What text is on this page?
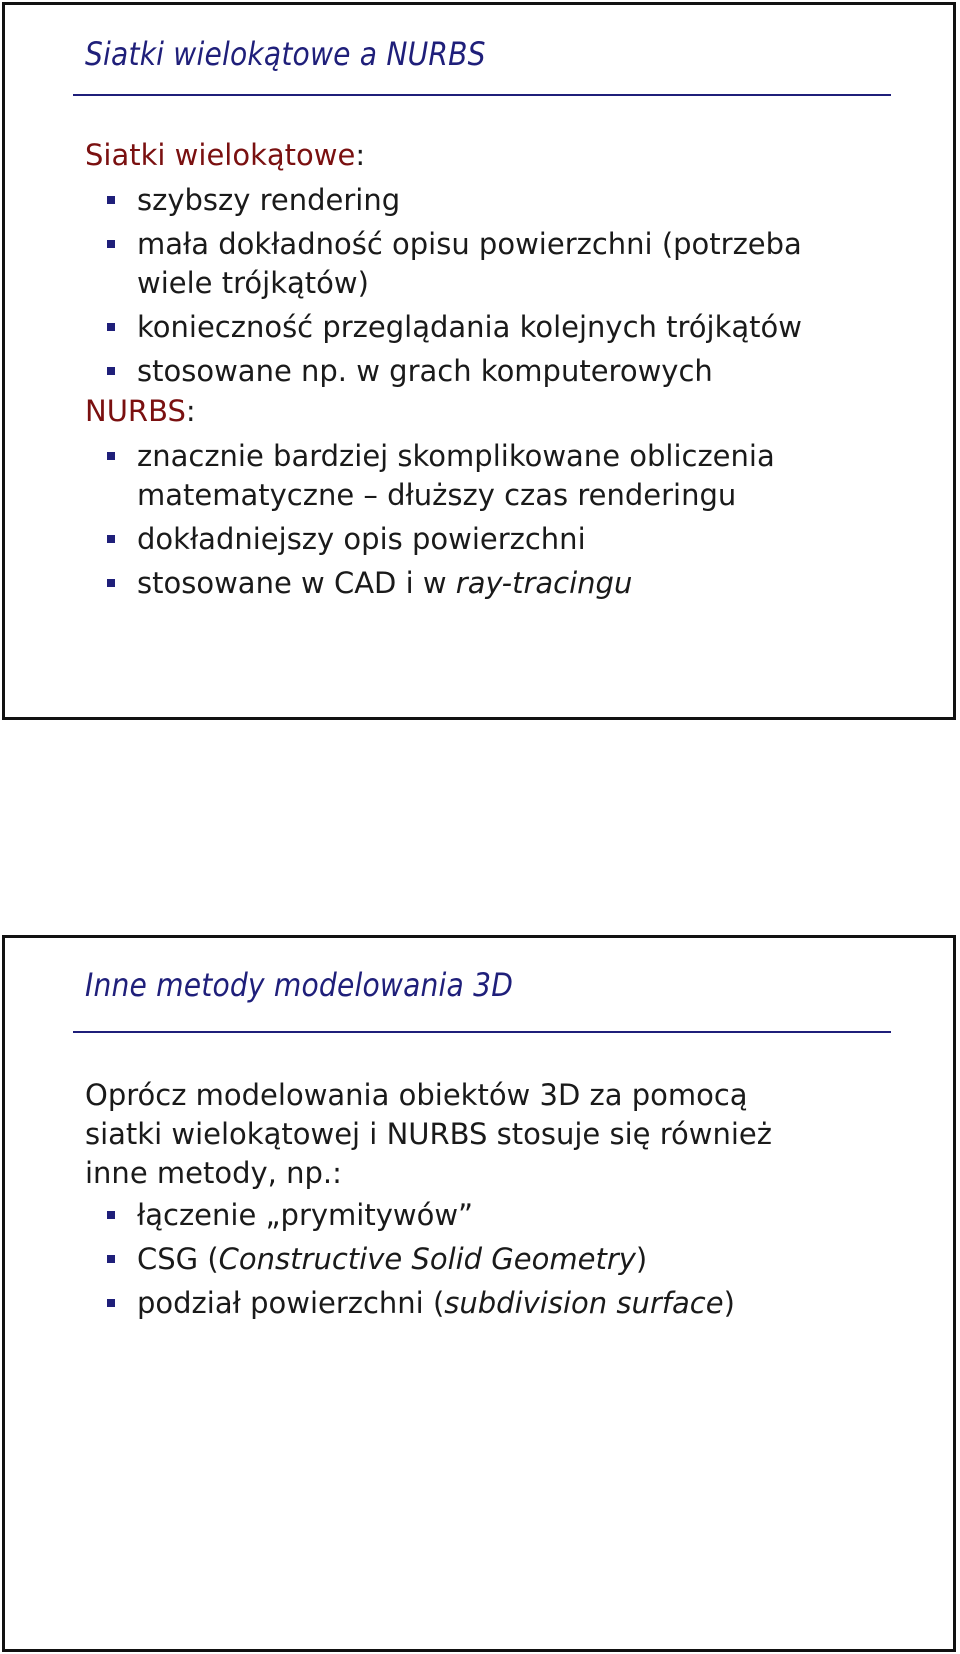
Siatki wielokątowe a NURBS
Siatki wielokątowe:
szybszy rendering
mała dokładność opisu powierzchni (potrzeba
wiele trójkątów)
konieczność przeglądania kolejnych trójkątów
stosowane np. w grach komputerowych
NURBS:
znacznie bardziej skomplikowane obliczenia
matematyczne – dłuższy czas renderingu
dokładniejszy opis powierzchni
stosowane w CAD i w ray-tracingu
Inne metody modelowania 3D
Oprócz modelowania obiektów 3D za pomocą
siatki wielokątowej i NURBS stosuje się również
inne metody, np.:
łączenie „prymitywów”
CSG (Constructive Solid Geometry)
podział powierzchni (subdivision surface)
